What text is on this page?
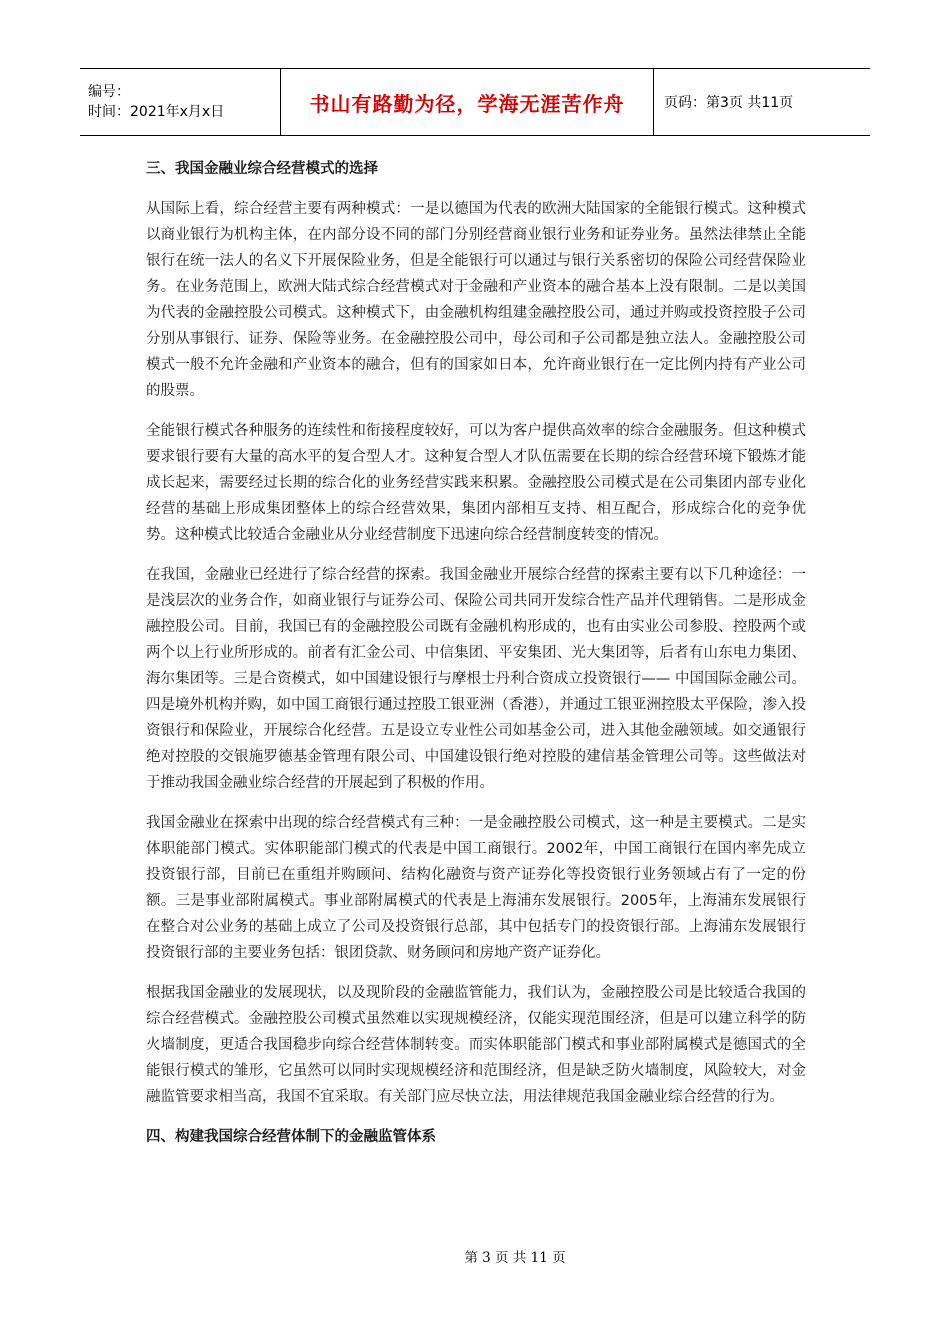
编号：
时间：2021年x月x日	书山有路勤为径，学海无涯苦作舟	页码：第3页 共11页
三、我国金融业综合经营模式的选择

从国际上看，综合经营主要有两种模式：一是以德国为代表的欧洲大陆国家的全能银行模式。这种模式以商业银行为机构主体，在内部分设不同的部门分别经营商业银行业务和证券业务。虽然法律禁止全能银行在统一法人的名义下开展保险业务，但是全能银行可以通过与银行关系密切的保险公司经营保险业务。在业务范围上，欧洲大陆式综合经营模式对于金融和产业资本的融合基本上没有限制。二是以美国为代表的金融控股公司模式。这种模式下，由金融机构组建金融控股公司，通过并购或投资控股子公司分别从事银行、证券、保险等业务。在金融控股公司中，母公司和子公司都是独立法人。金融控股公司模式一般不允许金融和产业资本的融合，但有的国家如日本，允许商业银行在一定比例内持有产业公司的股票。

全能银行模式各种服务的连续性和衔接程度较好，可以为客户提供高效率的综合金融服务。但这种模式要求银行要有大量的高水平的复合型人才。这种复合型人才队伍需要在长期的综合经营环境下锻炼才能成长起来，需要经过长期的综合化的业务经营实践来积累。金融控股公司模式是在公司集团内部专业化经营的基础上形成集团整体上的综合经营效果，集团内部相互支持、相互配合，形成综合化的竞争优势。这种模式比较适合金融业从分业经营制度下迅速向综合经营制度转变的情况。

在我国，金融业已经进行了综合经营的探索。我国金融业开展综合经营的探索主要有以下几种途径：一是浅层次的业务合作，如商业银行与证券公司、保险公司共同开发综合性产品并代理销售。二是形成金融控股公司。目前，我国已有的金融控股公司既有金融机构形成的，也有由实业公司参股、控股两个或两个以上行业所形成的。前者有汇金公司、中信集团、平安集团、光大集团等，后者有山东电力集团、海尔集团等。三是合资模式，如中国建设银行与摩根士丹利合资成立投资银行—— 中国国际金融公司。四是境外机构并购，如中国工商银行通过控股工银亚洲（香港），并通过工银亚洲控股太平保险，渗入投资银行和保险业，开展综合化经营。五是设立专业性公司如基金公司，进入其他金融领域。如交通银行绝对控股的交银施罗德基金管理有限公司、中国建设银行绝对控股的建信基金管理公司等。这些做法对于推动我国金融业综合经营的开展起到了积极的作用。

我国金融业在探索中出现的综合经营模式有三种：一是金融控股公司模式，这一种是主要模式。二是实体职能部门模式。实体职能部门模式的代表是中国工商银行。2002年，中国工商银行在国内率先成立投资银行部，目前已在重组并购顾问、结构化融资与资产证券化等投资银行业务领域占有了一定的份额。三是事业部附属模式。事业部附属模式的代表是上海浦东发展银行。2005年，上海浦东发展银行在整合对公业务的基础上成立了公司及投资银行总部，其中包括专门的投资银行部。上海浦东发展银行投资银行部的主要业务包括：银团贷款、财务顾问和房地产资产证券化。

根据我国金融业的发展现状，以及现阶段的金融监管能力，我们认为，金融控股公司是比较适合我国的综合经营模式。金融控股公司模式虽然难以实现规模经济，仅能实现范围经济，但是可以建立科学的防火墙制度，更适合我国稳步向综合经营体制转变。而实体职能部门模式和事业部附属模式是德国式的全能银行模式的雏形，它虽然可以同时实现规模经济和范围经济，但是缺乏防火墙制度，风险较大，对金融监管要求相当高，我国不宜采取。有关部门应尽快立法，用法律规范我国金融业综合经营的行为。

四、构建我国综合经营体制下的金融监管体系
第 3 页 共 11 页
